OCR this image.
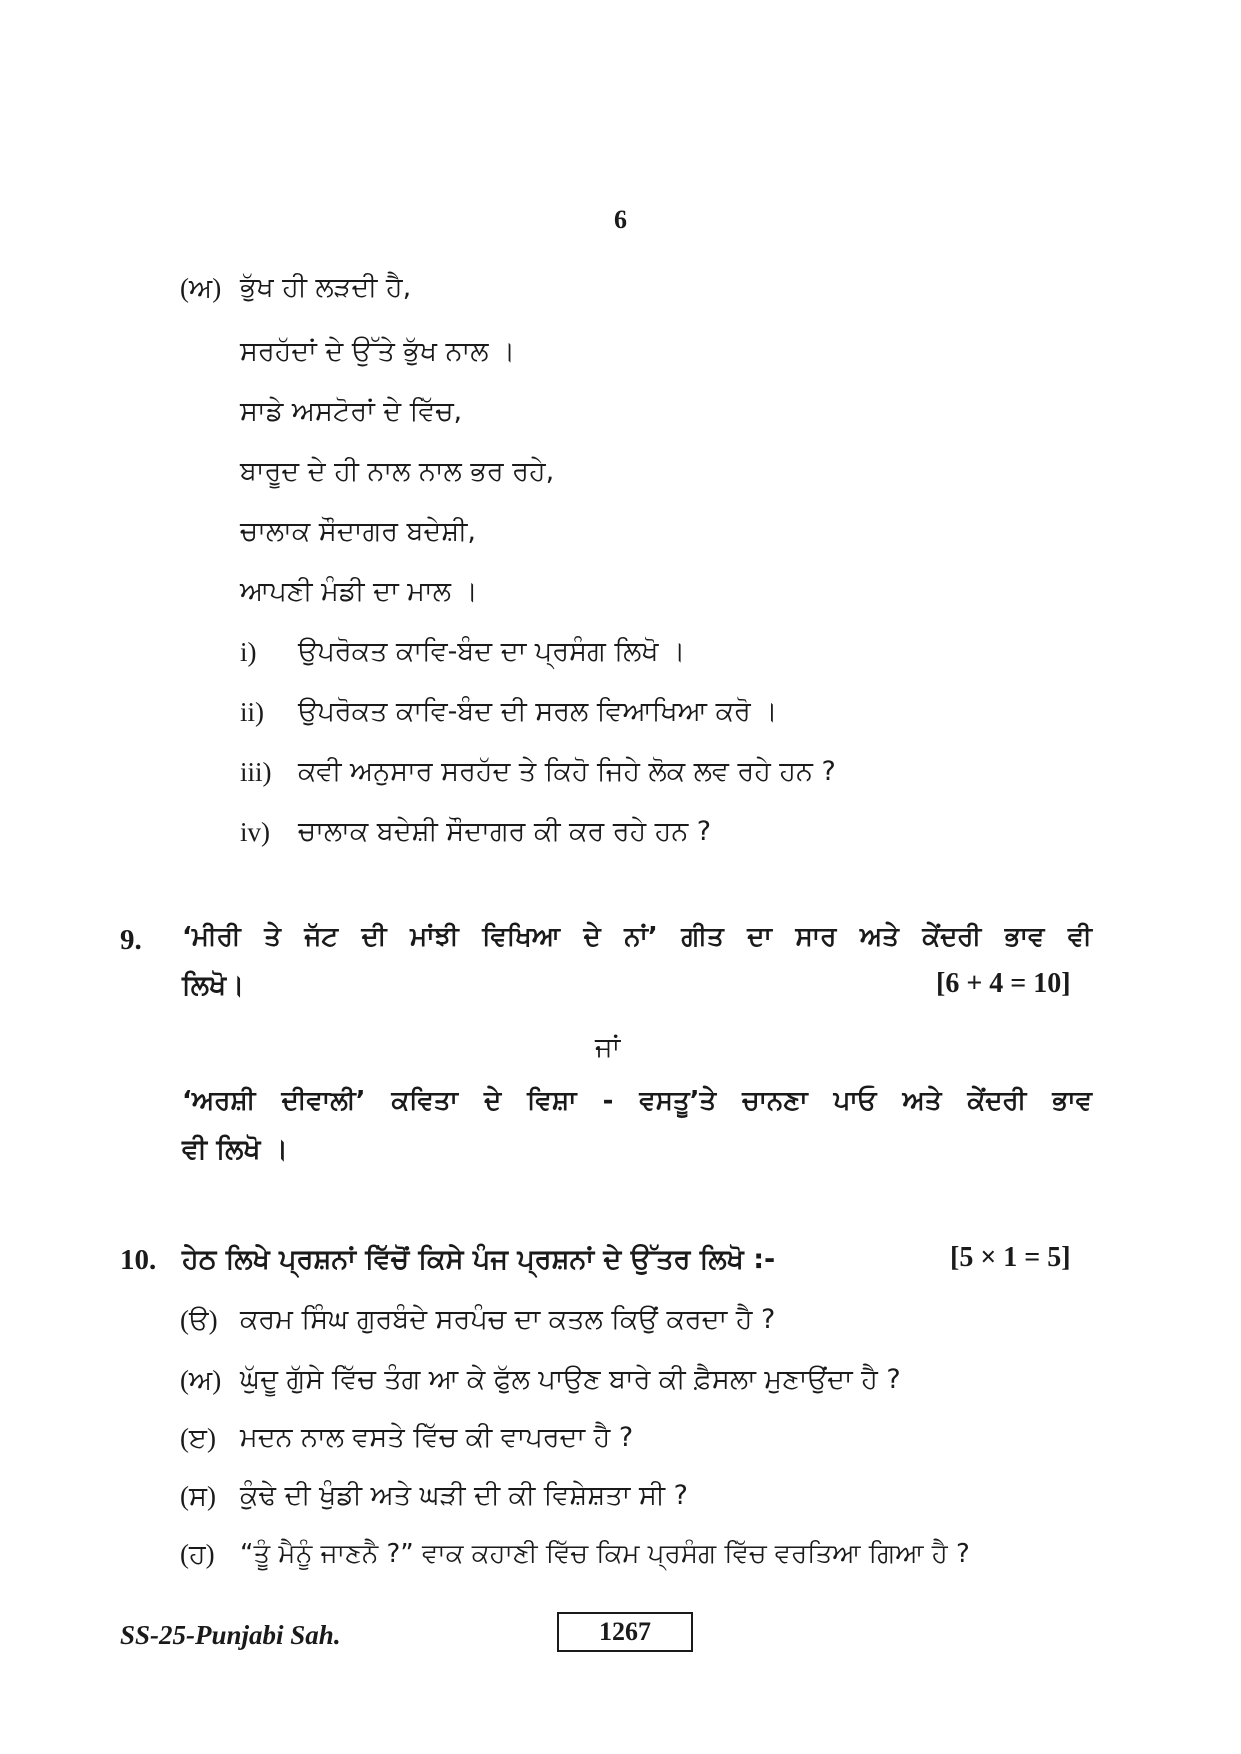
6
(ਅ) ਭੁੱਖ ਹੀ ਲੜਦੀ ਹੈ,
ਸਰਹੱਦਾਂ ਦੇ ਉੱਤੇ ਭੁੱਖ ਨਾਲ ।
ਸਾਡੇ ਅਸਟੋਰਾਂ ਦੇ ਵਿੱਚ,
ਬਾਰੂਦ ਦੇ ਹੀ ਨਾਲ ਨਾਲ ਭਰ ਰਹੇ,
ਚਾਲਾਕ ਸੌਦਾਗਰ ਬਦੇਸ਼ੀ,
ਆਪਣੀ ਮੰਡੀ ਦਾ ਮਾਲ ।
i) ਉਪਰੋਕਤ ਕਾਵਿ-ਬੰਦ ਦਾ ਪ੍ਰਸੰਗ ਲਿਖੋ ।
ii) ਉਪਰੋਕਤ ਕਾਵਿ-ਬੰਦ ਦੀ ਸਰਲ ਵਿਆਖਿਆ ਕਰੋ ।
iii) ਕਵੀ ਅਨੁਸਾਰ ਸਰਹੱਦ ਤੇ ਕਿਹੋ ਜਿਹੇ ਲੋਕ ਲਵ ਰਹੇ ਹਨ ?
iv) ਚਾਲਾਕ ਬਦੇਸ਼ੀ ਸੌਦਾਗਰ ਕੀ ਕਰ ਰਹੇ ਹਨ ?
9. ‘ਮੀਰੀ ਤੇ ਜੱਟ ਦੀ ਮਾਂਝੀ ਵਿਖਿਆ ਦੇ ਨਾਂ’ ਗੀਤ ਦਾ ਸਾਰ ਅਤੇ ਕੇਂਦਰੀ ਭਾਵ ਵੀ
ਲਿਖੋ।	[6 + 4 = 10]
ਜਾਂ
‘ਅਰਸ਼ੀ ਦੀਵਾਲੀ’ ਕਵਿਤਾ ਦੇ ਵਿਸ਼ਾ - ਵਸਤੂ’ਤੇ ਚਾਨਣਾ ਪਾਓ ਅਤੇ ਕੇਂਦਰੀ ਭਾਵ
ਵੀ ਲਿਖੋ ।
10. ਹੇਠ ਲਿਖੇ ਪ੍ਰਸ਼ਨਾਂ ਵਿੱਚੋਂ ਕਿਸੇ ਪੰਜ ਪ੍ਰਸ਼ਨਾਂ ਦੇ ਉੱਤਰ ਲਿਖੋ :-	[5 × 1 = 5]
(ੳ) ਕਰਮ ਸਿੰਘ ਗੁਰਬੰਦੇ ਸਰਪੰਚ ਦਾ ਕਤਲ ਕਿਉਂ ਕਰਦਾ ਹੈ ?
(ਅ) ਘੁੱਦੂ ਗੁੱਸੇ ਵਿੱਚ ਤੰਗ ਆ ਕੇ ਫੁੱਲ ਪਾਉਣ ਬਾਰੇ ਕੀ ਫ਼ੈਸਲਾ ਮੁਣਾਉਂਦਾ ਹੈ ?
(ੲ) ਮਦਨ ਨਾਲ ਵਸਤੇ ਵਿੱਚ ਕੀ ਵਾਪਰਦਾ ਹੈ ?
(ਸ) ਕੁੰਢੇ ਦੀ ਖੁੰਡੀ ਅਤੇ ਘੜੀ ਦੀ ਕੀ ਵਿਸ਼ੇਸ਼ਤਾ ਸੀ ?
(ਹ) “ਤੂੰ ਮੈਨੂੰ ਜਾਣਨੈ ?” ਵਾਕ ਕਹਾਣੀ ਵਿੱਚ ਕਿਮ ਪ੍ਰਸੰਗ ਵਿੱਚ ਵਰਤਿਆ ਗਿਆ ਹੈ ?
SS-25-Punjabi Sah.	1267
